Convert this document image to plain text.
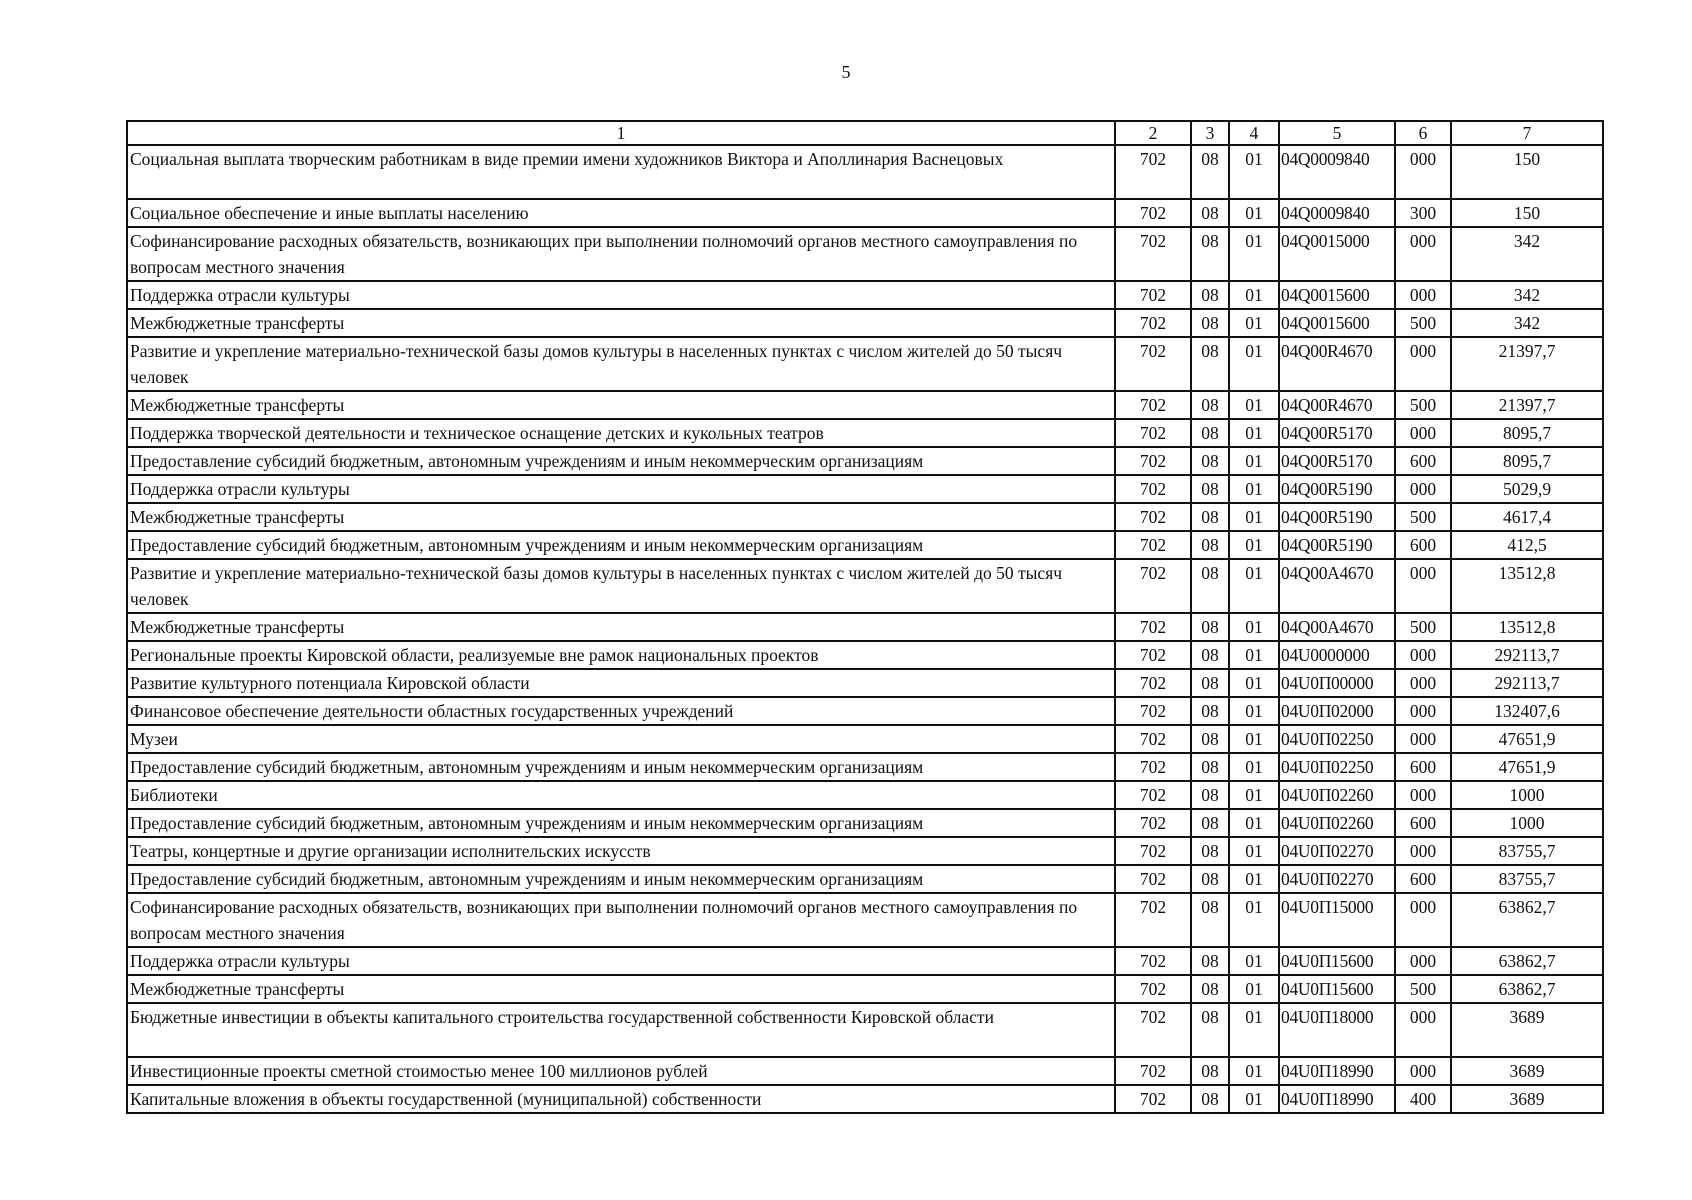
5
1	2	3	4	5	6	7
Социальная выплата творческим работникам в виде премии имени художников Виктора и Аполлинария Васнецовых	702	08	01	04Q0009840	000	150
Социальное обеспечение и иные выплаты населению	702	08	01	04Q0009840	300	150
Софинансирование расходных обязательств, возникающих при выполнении полномочий органов местного самоуправления по вопросам местного значения	702	08	01	04Q0015000	000	342
Поддержка отрасли культуры	702	08	01	04Q0015600	000	342
Межбюджетные трансферты	702	08	01	04Q0015600	500	342
Развитие и укрепление материально-технической базы домов культуры в населенных пунктах с числом жителей до 50 тысяч человек	702	08	01	04Q00R4670	000	21397,7
Межбюджетные трансферты	702	08	01	04Q00R4670	500	21397,7
Поддержка творческой деятельности и техническое оснащение детских и кукольных театров	702	08	01	04Q00R5170	000	8095,7
Предоставление субсидий бюджетным, автономным учреждениям и иным некоммерческим организациям	702	08	01	04Q00R5170	600	8095,7
Поддержка отрасли культуры	702	08	01	04Q00R5190	000	5029,9
Межбюджетные трансферты	702	08	01	04Q00R5190	500	4617,4
Предоставление субсидий бюджетным, автономным учреждениям и иным некоммерческим организациям	702	08	01	04Q00R5190	600	412,5
Развитие и укрепление материально-технической базы домов культуры в населенных пунктах с числом жителей до 50 тысяч человек	702	08	01	04Q00A4670	000	13512,8
Межбюджетные трансферты	702	08	01	04Q00A4670	500	13512,8
Региональные проекты Кировской области, реализуемые вне рамок национальных проектов	702	08	01	04U0000000	000	292113,7
Развитие культурного потенциала Кировской области	702	08	01	04U0П00000	000	292113,7
Финансовое обеспечение деятельности областных государственных учреждений	702	08	01	04U0П02000	000	132407,6
Музеи	702	08	01	04U0П02250	000	47651,9
Предоставление субсидий бюджетным, автономным учреждениям и иным некоммерческим организациям	702	08	01	04U0П02250	600	47651,9
Библиотеки	702	08	01	04U0П02260	000	1000
Предоставление субсидий бюджетным, автономным учреждениям и иным некоммерческим организациям	702	08	01	04U0П02260	600	1000
Театры, концертные и другие организации исполнительских искусств	702	08	01	04U0П02270	000	83755,7
Предоставление субсидий бюджетным, автономным учреждениям и иным некоммерческим организациям	702	08	01	04U0П02270	600	83755,7
Софинансирование расходных обязательств, возникающих при выполнении полномочий органов местного самоуправления по вопросам местного значения	702	08	01	04U0П15000	000	63862,7
Поддержка отрасли культуры	702	08	01	04U0П15600	000	63862,7
Межбюджетные трансферты	702	08	01	04U0П15600	500	63862,7
Бюджетные инвестиции в объекты капитального строительства государственной собственности Кировской области	702	08	01	04U0П18000	000	3689
Инвестиционные проекты сметной стоимостью менее 100 миллионов рублей	702	08	01	04U0П18990	000	3689
Капитальные вложения в объекты государственной (муниципальной) собственности	702	08	01	04U0П18990	400	3689
